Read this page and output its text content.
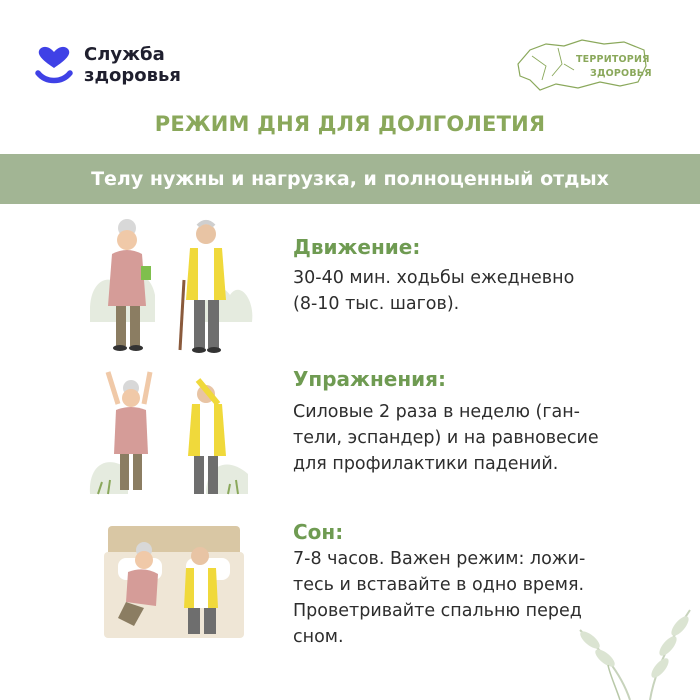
Служба
здоровья
ТЕРРИТОРИЯ
ЗДОРОВЬЯ
РЕЖИМ ДНЯ ДЛЯ ДОЛГОЛЕТИЯ
Телу нужны и нагрузка, и полноценный отдых
Движение:
30-40 мин. ходьбы ежедневно
(8-10 тыс. шагов).
Упражнения:
Силовые 2 раза в неделю (ган-
тели, эспандер) и на равновесие
для профилактики падений.
Сон:
7-8 часов. Важен режим: ложи-
тесь и вставайте в одно время.
Проветривайте спальню перед
сном.
